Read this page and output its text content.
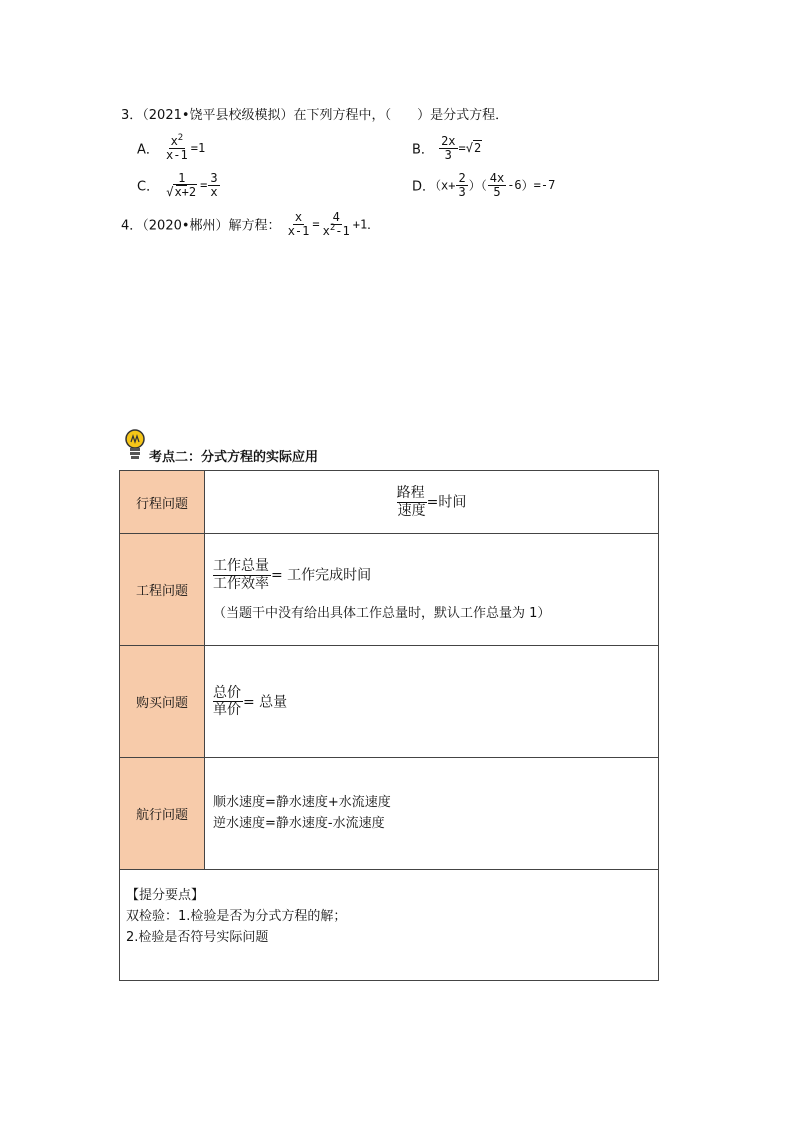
3．（2021•饶平县校级模拟）在下列方程中，（　　）是分式方程．
A． $\frac{x^2}{x-1} =1$	B． $\frac{2x}{3} =√2$
C． $\frac{1}{√x+2} = \frac{3}{x}$	D．（$x+ \frac{2}{3}$ ）（ $\frac{4x}{5} -6)=-7$
4．（2020•郴州）解方程： $\frac{x}{x-1} = \frac{4}{x^2-1} +1$．
考点二：分式方程的实际应用
行程问题	$\frac{\text{路程}}{\text{速度}}$ =时间
工程问题	$\frac{\text{工作总量}}{\text{工作效率}}$ = 工作完成时间
（当题干中没有给出具体工作总量时，默认工作总量为 1）

购买问题	$\frac{\text{总价}}{\text{单价}}$ = 总量
航行问题	顺水速度=静水速度+水流速度
逆水速度=静水速度-水流速度

【提分要点】
双检验：1.检验是否为分式方程的解；
2.检验是否符号实际问题	
